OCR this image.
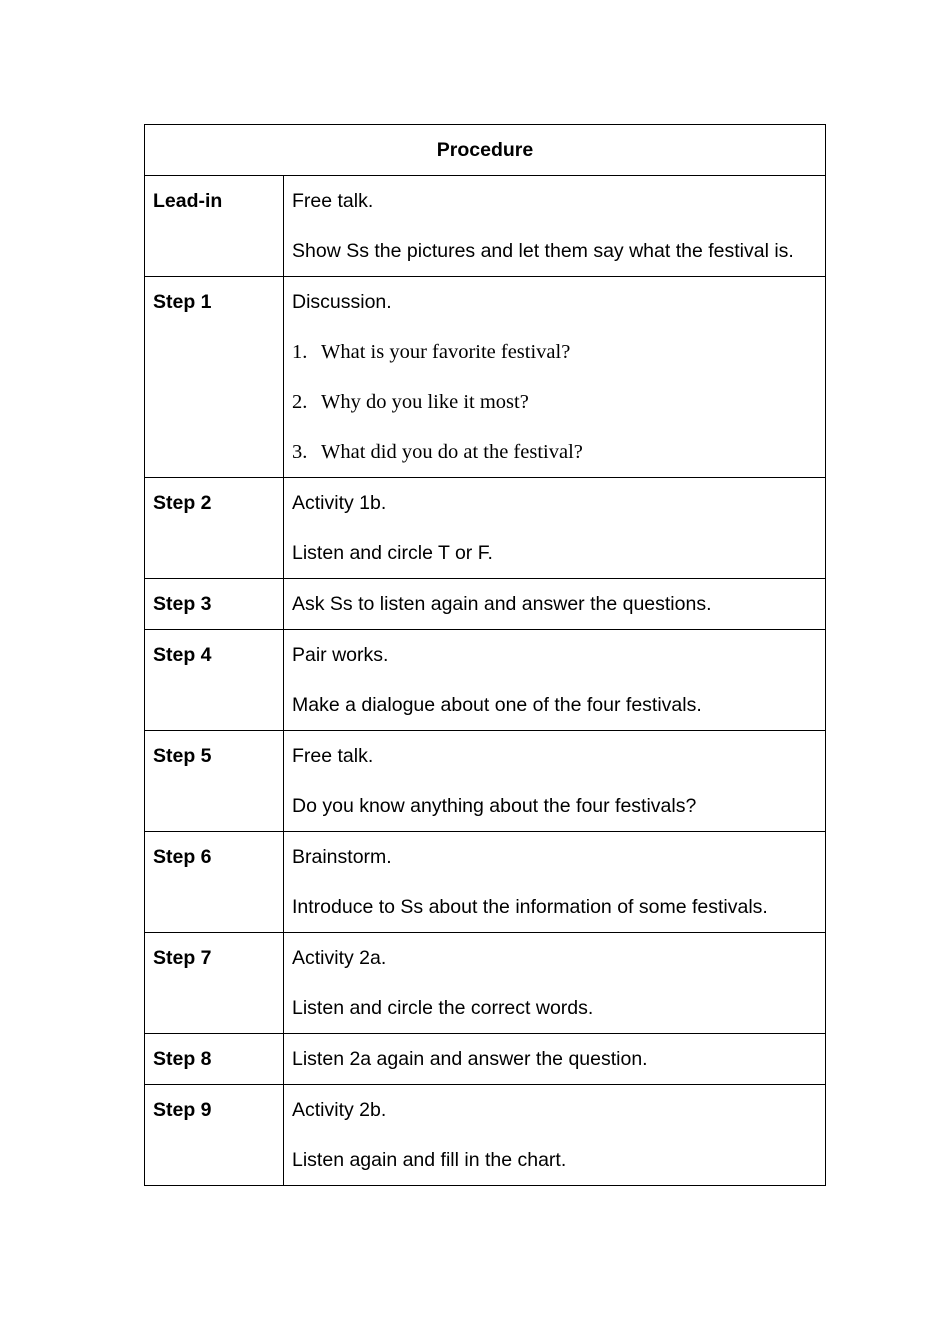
Procedure	
Lead-in	Free talk.
Show Ss the pictures and let them say what the festival is.

Step 1	Discussion.
1. What is your favorite festival?
2. Why do you like it most?
3. What did you do at the festival?

Step 2	Activity 1b.
Listen and circle T or F.

Step 3	Ask Ss to listen again and answer the questions.

Step 4	Pair works.
Make a dialogue about one of the four festivals.

Step 5	Free talk.
Do you know anything about the four festivals?

Step 6	Brainstorm.
Introduce to Ss about the information of some festivals.

Step 7	Activity 2a.
Listen and circle the correct words.

Step 8	Listen 2a again and answer the question.

Step 9	Activity 2b.
Listen again and fill in the chart.
